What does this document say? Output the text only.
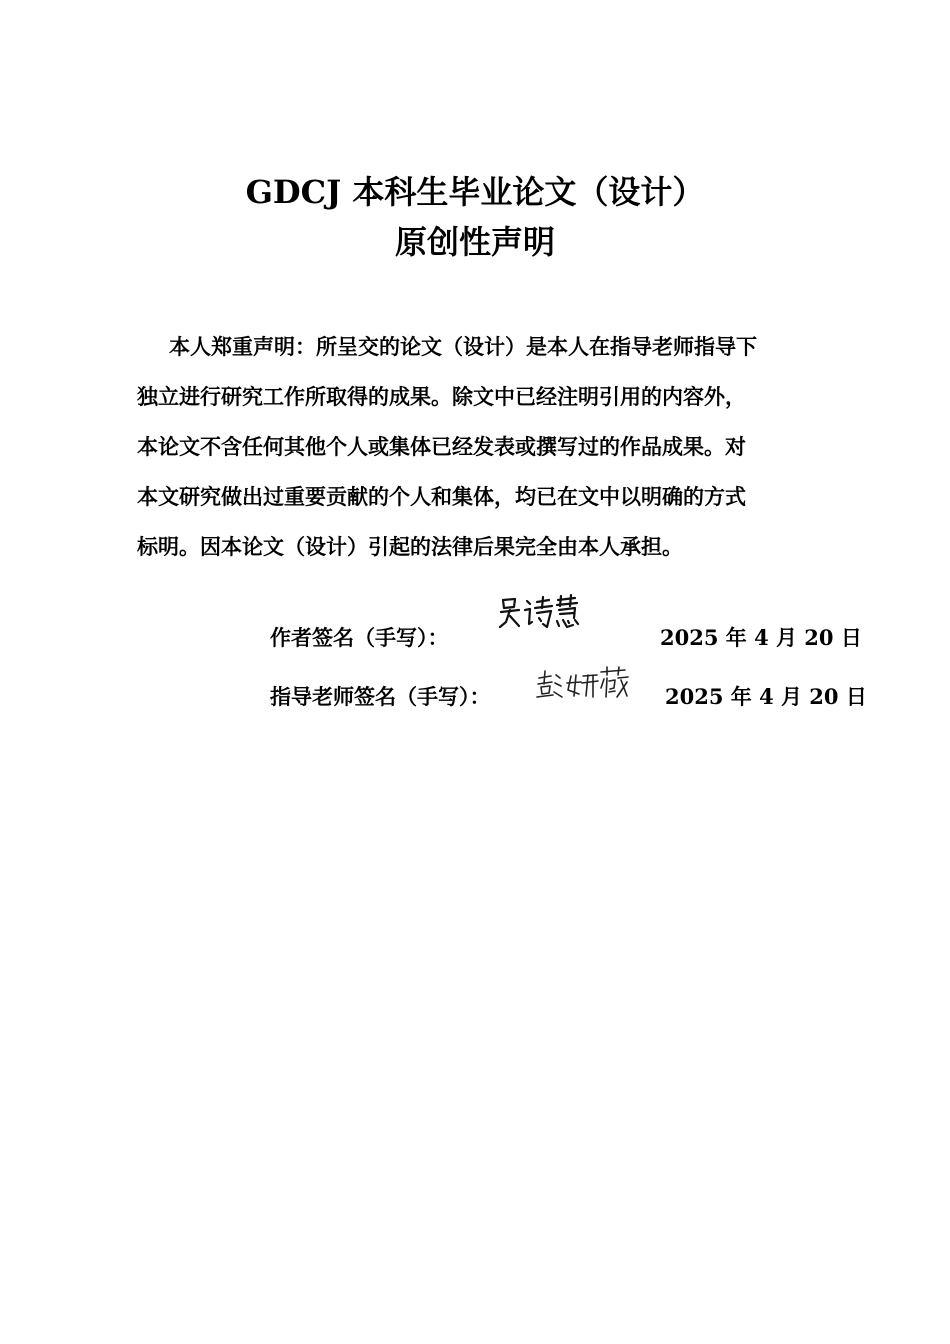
GDCJ 本科生毕业论文（设计）
原创性声明
本人郑重声明：所呈交的论文（设计）是本人在指导老师指导下
独立进行研究工作所取得的成果。除文中已经注明引用的内容外，
本论文不含任何其他个人或集体已经发表或撰写过的作品成果。对
本文研究做出过重要贡献的个人和集体，均已在文中以明确的方式
标明。因本论文（设计）引起的法律后果完全由本人承担。
作者签名（手写）：	2025 年 4 月 20 日
指导老师签名（手写）：	2025 年 4 月 20 日
